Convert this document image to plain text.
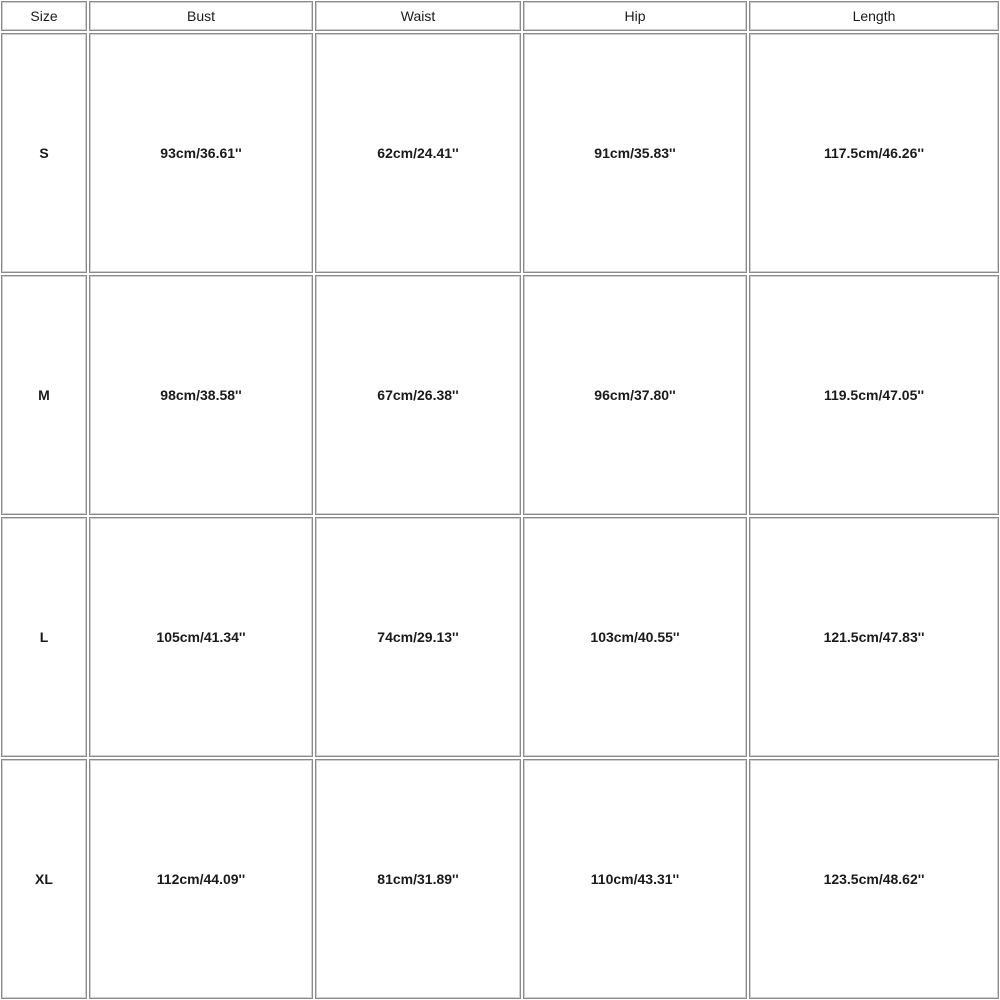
Size	Bust	Waist	Hip	Length
S	93cm/36.61''	62cm/24.41''	91cm/35.83''	117.5cm/46.26''
M	98cm/38.58''	67cm/26.38''	96cm/37.80''	119.5cm/47.05''
L	105cm/41.34''	74cm/29.13''	103cm/40.55''	121.5cm/47.83''
XL	112cm/44.09''	81cm/31.89''	110cm/43.31''	123.5cm/48.62''
